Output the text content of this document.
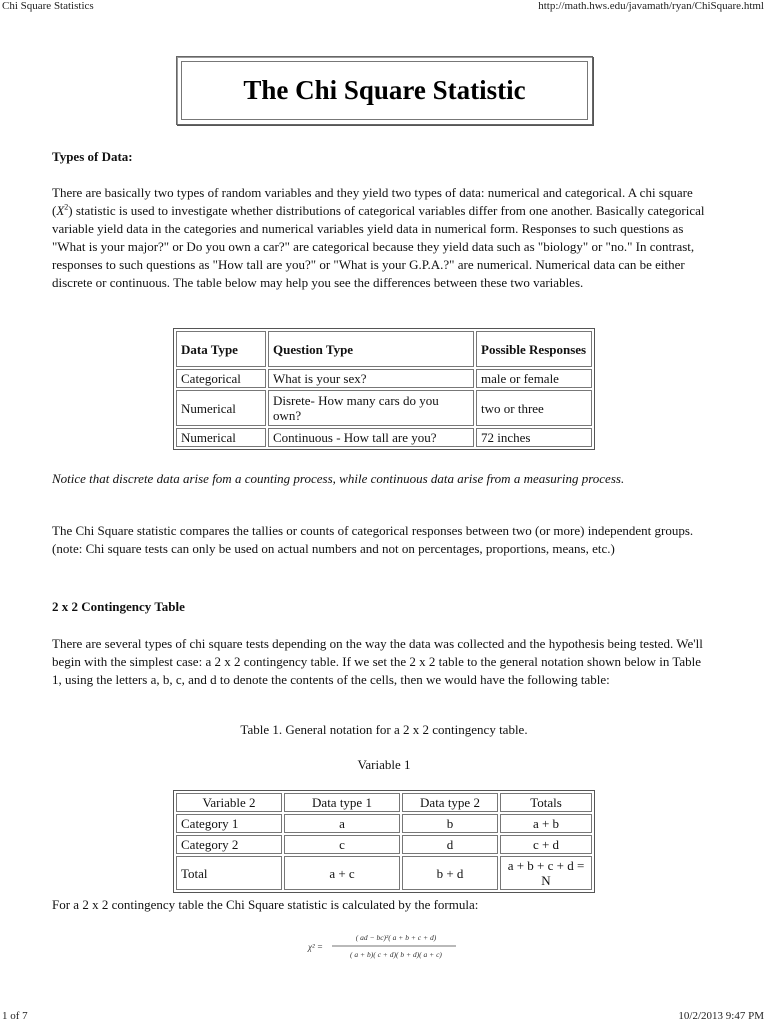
Chi Square Statistics	http://math.hws.edu/javamath/ryan/ChiSquare.html
1 of 7	10/2/2013 9:47 PM
The Chi Square Statistic
Types of Data:
There are basically two types of random variables and they yield two types of data: numerical and categorical. A chi square $(X^2)$ statistic is used to investigate whether distributions of categorical variables differ from one another. Basically categorical variable yield data in the categories and numerical variables yield data in numerical form. Responses to such questions as "What is your major?" or Do you own a car?" are categorical because they yield data such as "biology" or "no." In contrast, responses to such questions as "How tall are you?" or "What is your G.P.A.?" are numerical. Numerical data can be either discrete or continuous. The table below may help you see the differences between these two variables.
Data Type	Question Type	Possible Responses
Categorical	What is your sex?	male or female
Numerical	Disrete- How many cars do you own?	two or three
Numerical	Continuous - How tall are you?	72 inches
Notice that discrete data arise fom a counting process, while continuous data arise from a measuring process.
The Chi Square statistic compares the tallies or counts of categorical responses between two (or more) independent groups. (note: Chi square tests can only be used on actual numbers and not on percentages, proportions, means, etc.)
2 x 2 Contingency Table
There are several types of chi square tests depending on the way the data was collected and the hypothesis being tested. We'll begin with the simplest case: a 2 x 2 contingency table. If we set the 2 x 2 table to the general notation shown below in Table 1, using the letters a, b, c, and d to denote the contents of the cells, then we would have the following table:
Table 1. General notation for a 2 x 2 contingency table.
Variable 1
Variable 2	Data type 1	Data type 2	Totals
Category 1	a	b	a + b
Category 2	c	d	c + d
Total	a + c	b + d	a + b + c + d = N
For a 2 x 2 contingency table the Chi Square statistic is calculated by the formula:
χ² =
( ad − bc)²( a + b + c + d)
( a + b)( c + d)( b + d)( a + c)
